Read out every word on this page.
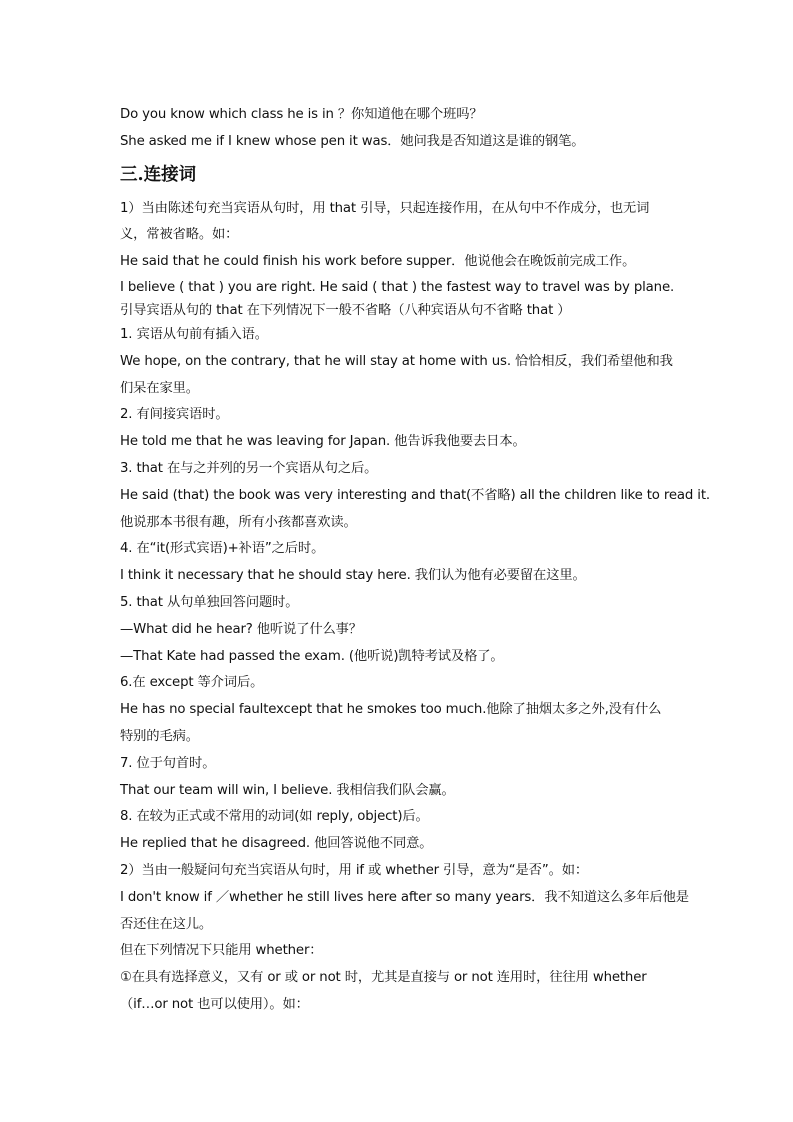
Do you know which class he is in ？你知道他在哪个班吗？
She asked me if I knew whose pen it was．她问我是否知道这是谁的钢笔。
三.连接词
1）当由陈述句充当宾语从句时，用 that 引导，只起连接作用，在从句中不作成分，也无词
义，常被省略。如：
He said that he could finish his work before supper．他说他会在晚饭前完成工作。
I believe ( that ) you are right. He said ( that ) the fastest way to travel was by plane.
引导宾语从句的 that 在下列情况下一般不省略（八种宾语从句不省略 that ）
1. 宾语从句前有插入语。
We hope, on the contrary, that he will stay at home with us. 恰恰相反，我们希望他和我
们呆在家里。
2. 有间接宾语时。
He told me that he was leaving for Japan. 他告诉我他要去日本。
3. that 在与之并列的另一个宾语从句之后。
He said (that) the book was very interesting and that(不省略) all the children like to read it.
他说那本书很有趣，所有小孩都喜欢读。
4. 在“it(形式宾语)+补语”之后时。
I think it necessary that he should stay here. 我们认为他有必要留在这里。
5. that 从句单独回答问题时。
—What did he hear? 他听说了什么事？
—That Kate had passed the exam. (他听说)凯特考试及格了。
6.在 except 等介词后。
He has no special faultexcept that he smokes too much.他除了抽烟太多之外,没有什么
特别的毛病。
7. 位于句首时。
That our team will win, I believe. 我相信我们队会赢。
8. 在较为正式或不常用的动词(如 reply, object)后。
He replied that he disagreed. 他回答说他不同意。
2）当由一般疑问句充当宾语从句时，用 if 或 whether 引导，意为“是否”。如：
I don't know if ／whether he still lives here after so many years．我不知道这么多年后他是
否还住在这儿。
但在下列情况下只能用 whether：
①在具有选择意义，又有 or 或 or not 时，尤其是直接与 or not 连用时，往往用 whether
（if…or not 也可以使用）。如：
